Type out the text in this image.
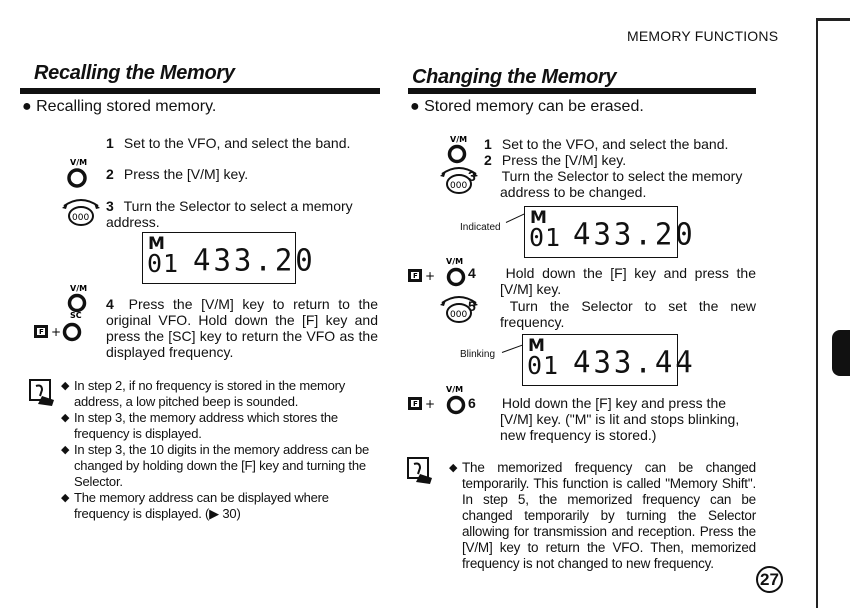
MEMORY FUNCTIONS
Recalling the Memory
● Recalling stored memory.
1 Set to the VFO, and select the band.
V/M
2 Press the [V/M] key.
000
3 Turn the Selector to select a memory address.
M
01 433.20
V/M
F +
SC
4 Press the [V/M] key to return to the original VFO. Hold down the [F] key and press the [SC] key to return the VFO as the displayed frequency.
◆ In step 2, if no frequency is stored in the memory address, a low pitched beep is sounded.
◆ In step 3, the memory address which stores the frequency is displayed.
◆ In step 3, the 10 digits in the memory address can be changed by holding down the [F] key and turning the Selector.
◆ The memory address can be displayed where frequency is displayed. (▶ 30)
Changing the Memory
● Stored memory can be erased.
V/M
000
1 Set to the VFO, and select the band.
2 Press the [V/M] key.
3 Turn the Selector to select the memory address to be changed.
Indicated M
01 433.20
F +
V/M
4 Hold down the [F] key and press the [V/M] key.
000
5 Turn the Selector to set the new frequency.
Blinking M
01 433.44
F +
V/M
6 Hold down the [F] key and press the [V/M] key. ("M" is lit and stops blinking, new frequency is stored.)
◆ The memorized frequency can be changed temporarily. This function is called "Memory Shift". In step 5, the memorized frequency can be changed temporarily by turning the Selector allowing for transmission and reception. Press the [V/M] key to return the VFO. Then, memorized frequency is not changed to new frequency.
27
